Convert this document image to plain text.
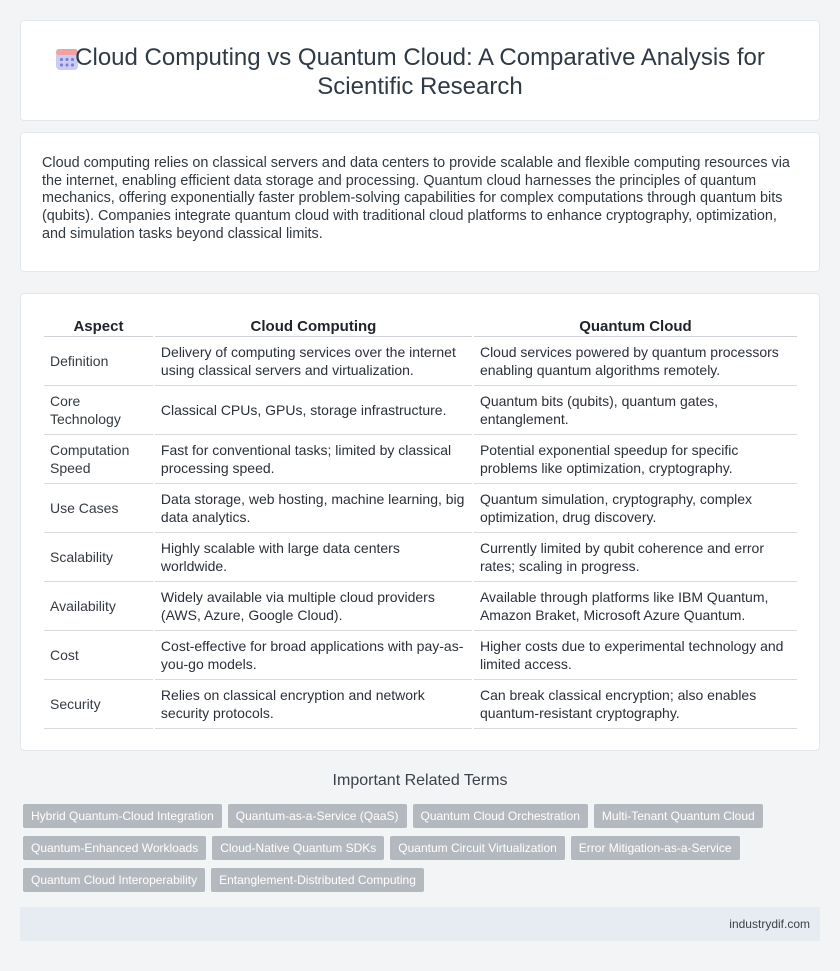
Cloud Computing vs Quantum Cloud: A Comparative Analysis for
Scientific Research

Cloud computing relies on classical servers and data centers to provide scalable and flexible computing resources via the internet, enabling efficient data storage and processing. Quantum cloud harnesses the principles of quantum mechanics, offering exponentially faster problem-solving capabilities for complex computations through quantum bits (qubits). Companies integrate quantum cloud with traditional cloud platforms to enhance cryptography, optimization, and simulation tasks beyond classical limits.

Aspect	Cloud Computing	Quantum Cloud
Definition	Delivery of computing services over the internet using classical servers and virtualization.	Cloud services powered by quantum processors enabling quantum algorithms remotely.
Core Technology	Classical CPUs, GPUs, storage infrastructure.	Quantum bits (qubits), quantum gates, entanglement.
Computation Speed	Fast for conventional tasks; limited by classical processing speed.	Potential exponential speedup for specific problems like optimization, cryptography.
Use Cases	Data storage, web hosting, machine learning, big data analytics.	Quantum simulation, cryptography, complex optimization, drug discovery.
Scalability	Highly scalable with large data centers worldwide.	Currently limited by qubit coherence and error rates; scaling in progress.
Availability	Widely available via multiple cloud providers (AWS, Azure, Google Cloud).	Available through platforms like IBM Quantum, Amazon Braket, Microsoft Azure Quantum.
Cost	Cost-effective for broad applications with pay-as-you-go models.	Higher costs due to experimental technology and limited access.
Security	Relies on classical encryption and network security protocols.	Can break classical encryption; also enables quantum-resistant cryptography.
Important Related Terms
Hybrid Quantum-Cloud Integration	Quantum-as-a-Service (QaaS)	Quantum Cloud Orchestration	Multi-Tenant Quantum Cloud
Quantum-Enhanced Workloads	Cloud-Native Quantum SDKs	Quantum Circuit Virtualization	Error Mitigation-as-a-Service
Quantum Cloud Interoperability	Entanglement-Distributed Computing
industrydif.com
